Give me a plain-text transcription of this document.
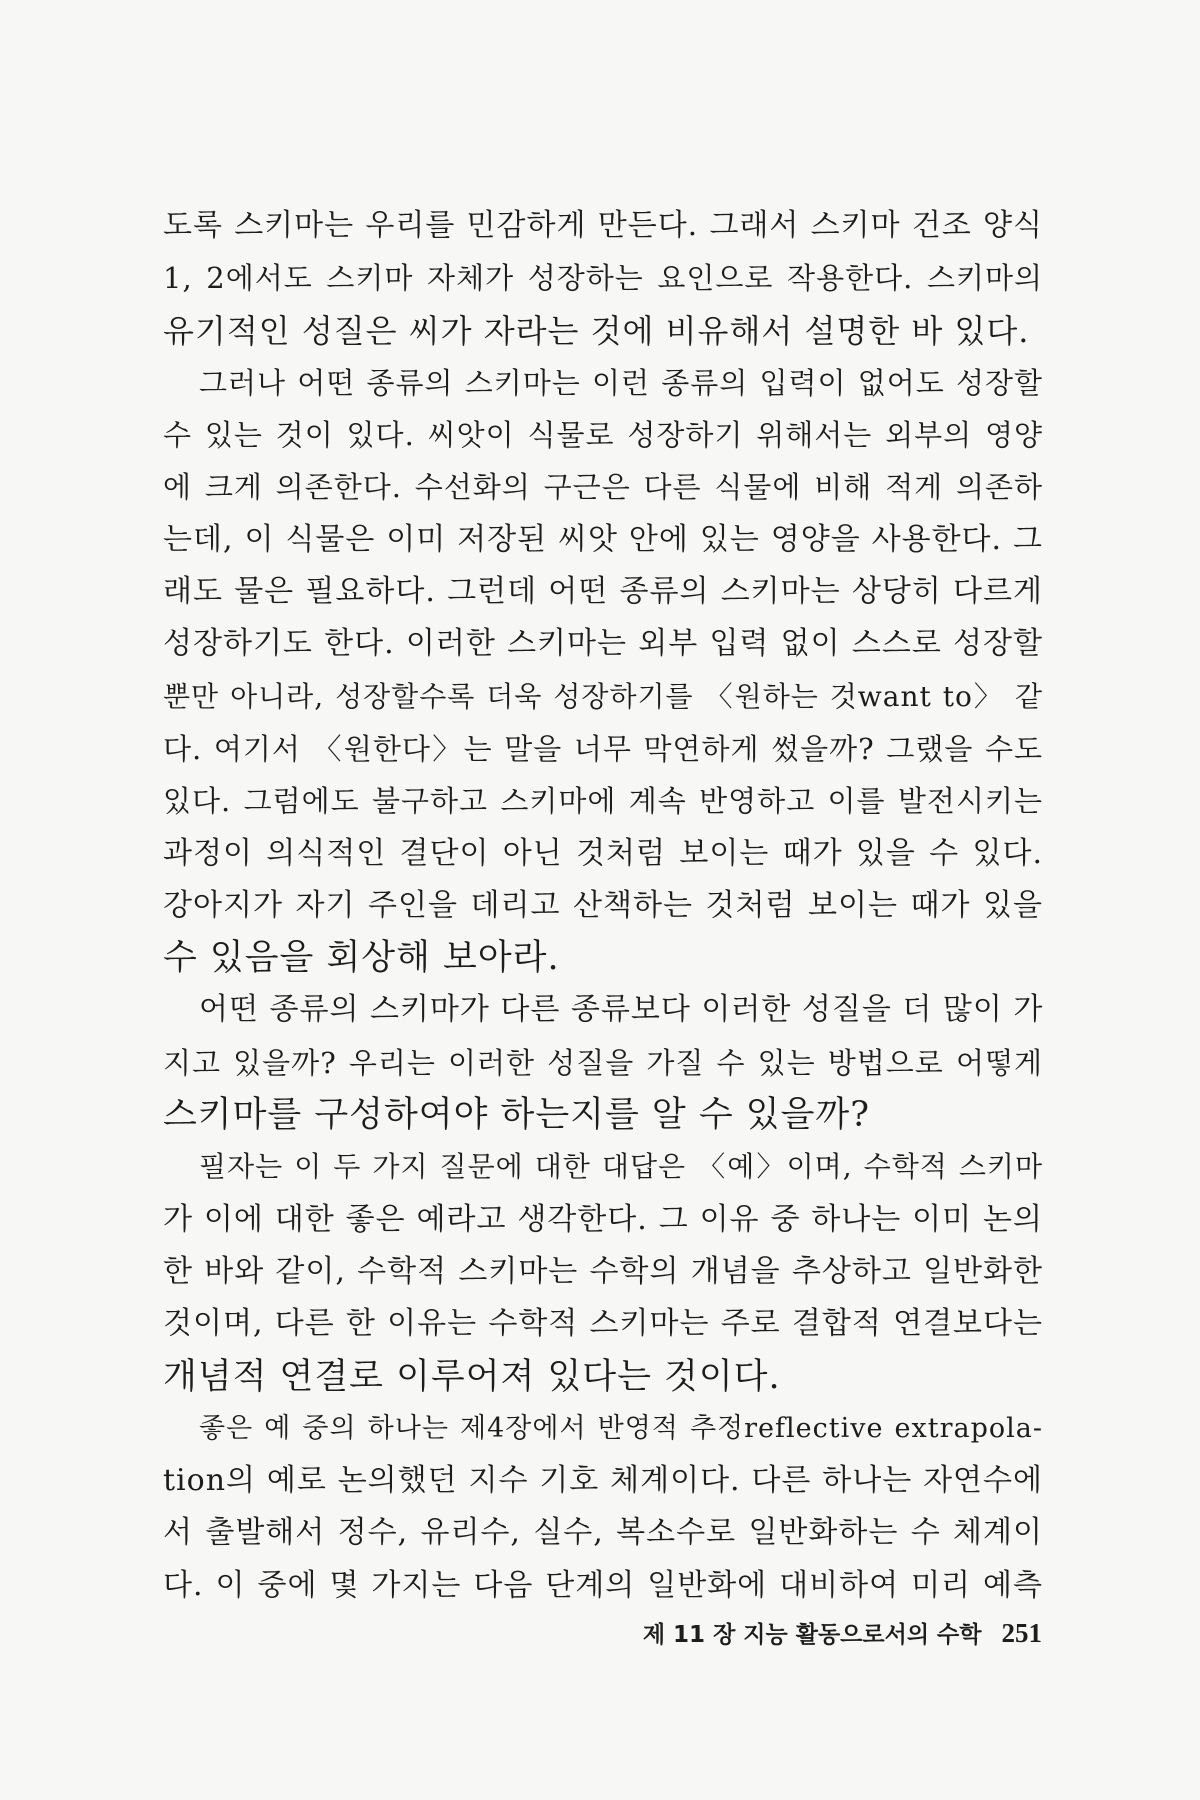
도록 스키마는 우리를 민감하게 만든다. 그래서 스키마 건조 양식
1, 2에서도 스키마 자체가 성장하는 요인으로 작용한다. 스키마의
유기적인 성질은 씨가 자라는 것에 비유해서 설명한 바 있다.
그러나 어떤 종류의 스키마는 이런 종류의 입력이 없어도 성장할
수 있는 것이 있다. 씨앗이 식물로 성장하기 위해서는 외부의 영양
에 크게 의존한다. 수선화의 구근은 다른 식물에 비해 적게 의존하
는데, 이 식물은 이미 저장된 씨앗 안에 있는 영양을 사용한다. 그
래도 물은 필요하다. 그런데 어떤 종류의 스키마는 상당히 다르게
성장하기도 한다. 이러한 스키마는 외부 입력 없이 스스로 성장할
뿐만 아니라, 성장할수록 더욱 성장하기를 〈원하는 것want to〉 같
다. 여기서 〈원한다〉는 말을 너무 막연하게 썼을까? 그랬을 수도
있다. 그럼에도 불구하고 스키마에 계속 반영하고 이를 발전시키는
과정이 의식적인 결단이 아닌 것처럼 보이는 때가 있을 수 있다.
강아지가 자기 주인을 데리고 산책하는 것처럼 보이는 때가 있을
수 있음을 회상해 보아라.
어떤 종류의 스키마가 다른 종류보다 이러한 성질을 더 많이 가
지고 있을까? 우리는 이러한 성질을 가질 수 있는 방법으로 어떻게
스키마를 구성하여야 하는지를 알 수 있을까?
필자는 이 두 가지 질문에 대한 대답은 〈예〉이며, 수학적 스키마
가 이에 대한 좋은 예라고 생각한다. 그 이유 중 하나는 이미 논의
한 바와 같이, 수학적 스키마는 수학의 개념을 추상하고 일반화한
것이며, 다른 한 이유는 수학적 스키마는 주로 결합적 연결보다는
개념적 연결로 이루어져 있다는 것이다.
좋은 예 중의 하나는 제4장에서 반영적 추정reflective extrapola-
tion의 예로 논의했던 지수 기호 체계이다. 다른 하나는 자연수에
서 출발해서 정수, 유리수, 실수, 복소수로 일반화하는 수 체계이
다. 이 중에 몇 가지는 다음 단계의 일반화에 대비하여 미리 예측
제 11 장 지능 활동으로서의 수학 251
